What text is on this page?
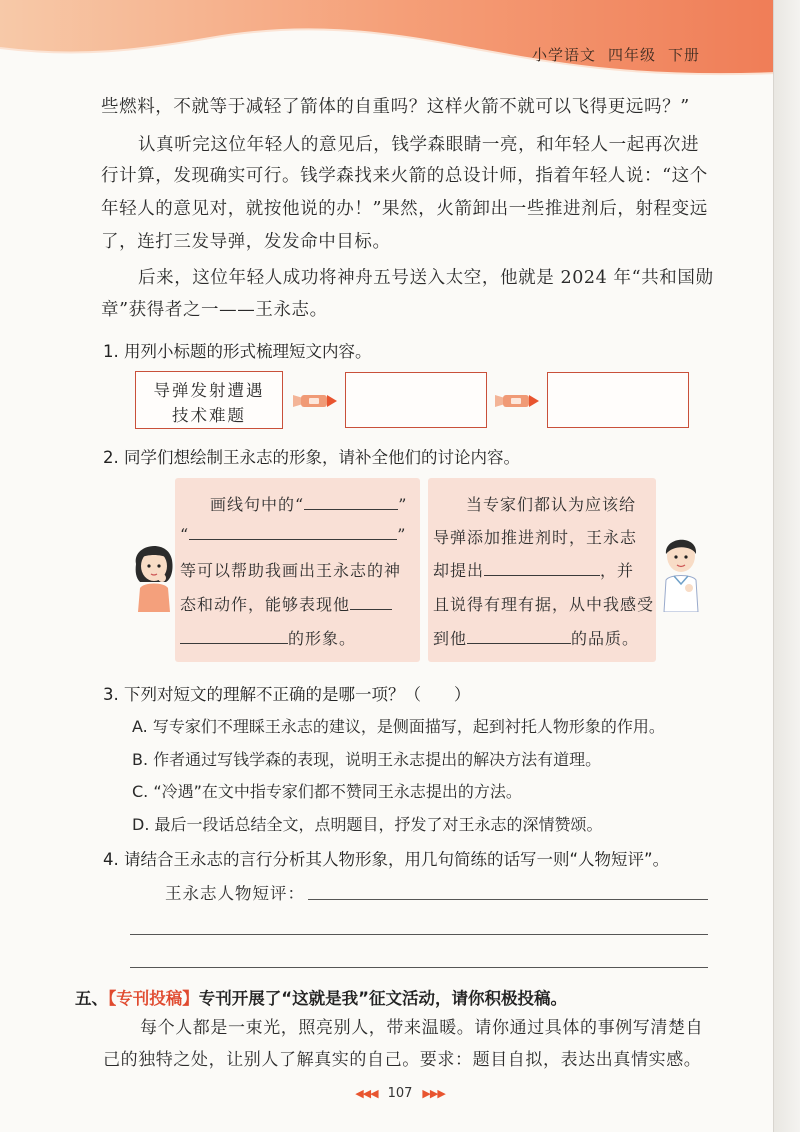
小学语文 四年级 下册
些燃料，不就等于减轻了箭体的自重吗？这样火箭不就可以飞得更远吗？”
认真听完这位年轻人的意见后，钱学森眼睛一亮，和年轻人一起再次进
行计算，发现确实可行。钱学森找来火箭的总设计师，指着年轻人说：“这个
年轻人的意见对，就按他说的办！”果然，火箭卸出一些推进剂后，射程变远
了，连打三发导弹，发发命中目标。
后来，这位年轻人成功将神舟五号送入太空，他就是 2024 年“共和国勋
章”获得者之一——王永志。
1. 用列小标题的形式梳理短文内容。
导弹发射遭遇
技术难题
2. 同学们想绘制王永志的形象，请补全他们的讨论内容。
画线句中的“	”
“	”
等可以帮助我画出王永志的神
态和动作，能够表现他
的形象。
当专家们都认为应该给
导弹添加推进剂时，王永志
却提出	，并
且说得有理有据，从中我感受
到他	的品质。
3. 下列对短文的理解不正确的是哪一项？（　　）
A. 写专家们不理睬王永志的建议，是侧面描写，起到衬托人物形象的作用。
B. 作者通过写钱学森的表现，说明王永志提出的解决方法有道理。
C. “冷遇”在文中指专家们都不赞同王永志提出的方法。
D. 最后一段话总结全文，点明题目，抒发了对王永志的深情赞颂。
4. 请结合王永志的言行分析其人物形象，用几句简练的话写一则“人物短评”。
王永志人物短评：
五、【专刊投稿】专刊开展了“这就是我”征文活动，请你积极投稿。
每个人都是一束光，照亮别人，带来温暖。请你通过具体的事例写清楚自
己的独特之处，让别人了解真实的自己。要求：题目自拟，表达出真情实感。
◀◀◀ 107 ▶▶▶
